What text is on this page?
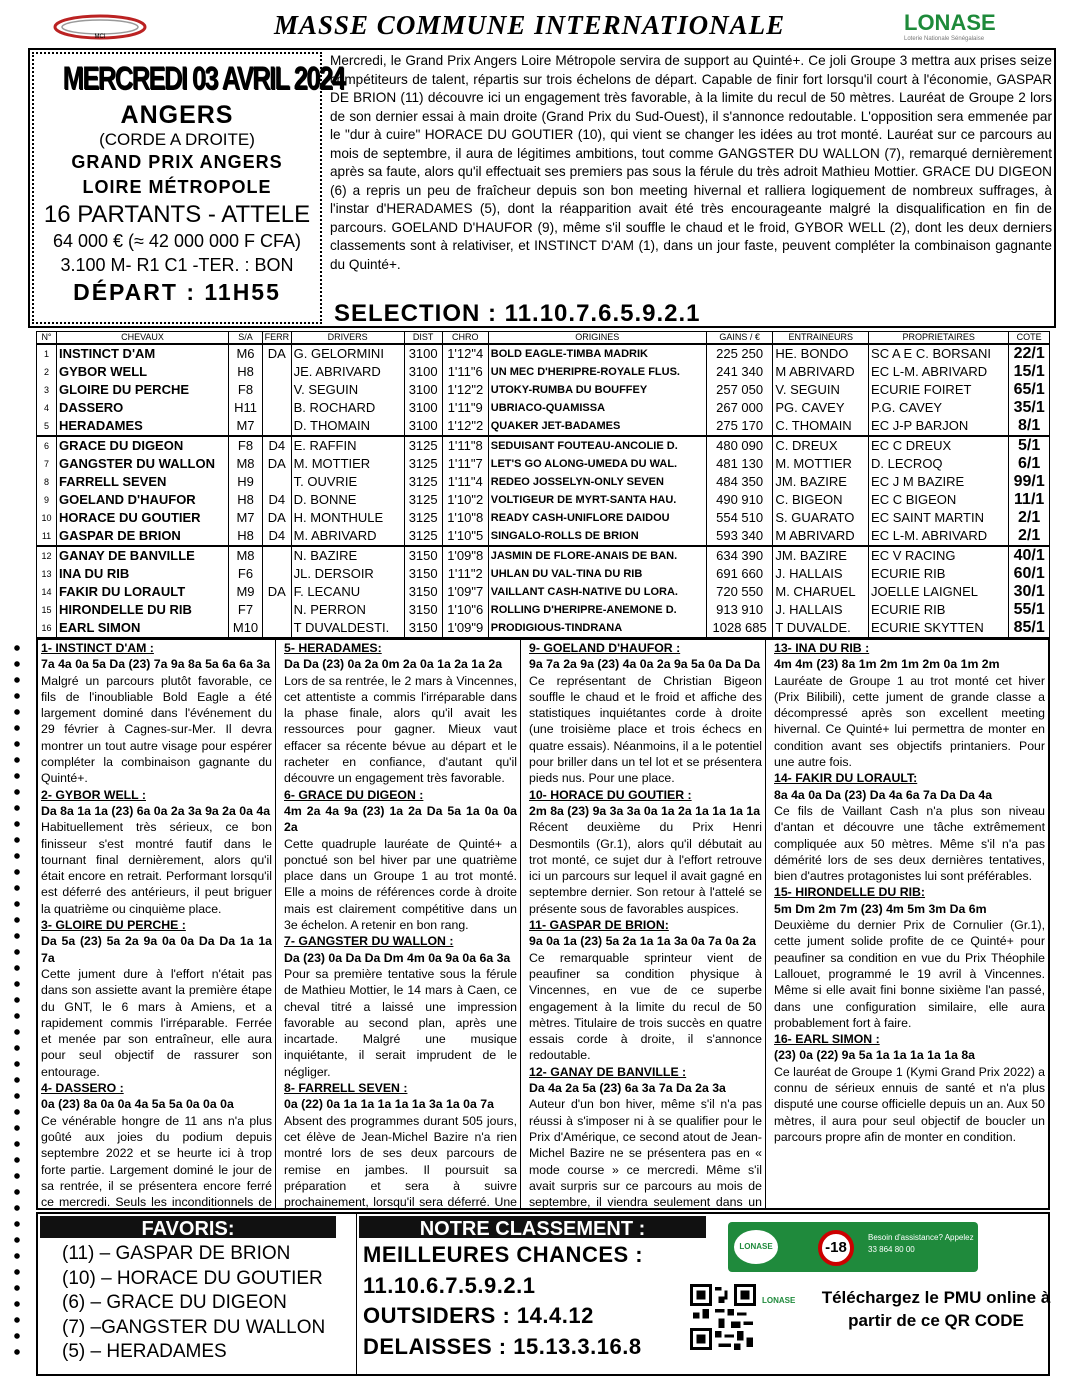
MCI	MASSE COMMUNE INTERNATIONALE	LONASE
Loterie Nationale Sénégalaise
MERCREDI 03 AVRIL 2024
ANGERS
(CORDE A DROITE)
GRAND PRIX ANGERS
LOIRE MÉTROPOLE
16 PARTANTS - ATTELE
64 000 € (≈ 42 000 000 F CFA)
3.100 M- R1 C1 -TER. : BON
DÉPART : 11H55
Mercredi, le Grand Prix Angers Loire Métropole servira de support au Quinté+. Ce joli Groupe 3 mettra aux prises seize compétiteurs de talent, répartis sur trois échelons de départ. Capable de finir fort lorsqu'il court à l'économie, GASPAR DE BRION (11) découvre ici un engagement très favorable, à la limite du recul de 50 mètres. Lauréat de Groupe 2 lors de son dernier essai à main droite (Grand Prix du Sud-Ouest), il s'annonce redoutable. L'opposition sera emmenée par le "dur à cuire" HORACE DU GOUTIER (10), qui vient se changer les idées au trot monté. Lauréat sur ce parcours au mois de septembre, il aura de légitimes ambitions, tout comme GANGSTER DU WALLON (7), remarqué dernièrement après sa faute, alors qu'il effectuait ses premiers pas sous la férule du très adroit Mathieu Mottier. GRACE DU DIGEON (6) a repris un peu de fraîcheur depuis son bon meeting hivernal et ralliera logiquement de nombreux suffrages, à l'instar d'HERADAMES (5), dont la réapparition avait été très encourageante malgré la disqualification en fin de parcours. GOELAND D'HAUFOR (9), même s'il souffle le chaud et le froid, GYBOR WELL (2), dont les deux derniers classements sont à relativiser, et INSTINCT D'AM (1), dans un jour faste, peuvent compléter la combinaison gagnante du Quinté+.
SELECTION : 11.10.7.6.5.9.2.1
N°	CHEVAUX	S/A	FERR	DRIVERS	DIST	CHRO	ORIGINES	GAINS / €	ENTRAINEURS	PROPRIETAIRES	COTE
1	INSTINCT D'AM	M6	DA	G. GELORMINI	3100	1'12"4	BOLD EAGLE-TIMBA MADRIK	225 250	HE. BONDO	SC A E C. BORSANI	22/1
2	GYBOR WELL	H8		JE. ABRIVARD	3100	1'11"6	UN MEC D'HERIPRE-ROYALE FLUS.	241 340	M ABRIVARD	EC L-M. ABRIVARD	15/1
3	GLOIRE DU PERCHE	F8		V. SEGUIN	3100	1'12"2	UTOKY-RUMBA DU BOUFFEY	257 050	V. SEGUIN	ECURIE FOIRET	65/1
4	DASSERO	H11		B. ROCHARD	3100	1'11"9	UBRIACO-QUAMISSA	267 000	PG. CAVEY	P.G. CAVEY	35/1
5	HERADAMES	M7		D. THOMAIN	3100	1'12"2	QUAKER JET-BADAMES	275 170	C. THOMAIN	EC J-P BARJON	8/1
6	GRACE DU DIGEON	F8	D4	E. RAFFIN	3125	1'11"8	SEDUISANT FOUTEAU-ANCOLIE D.	480 090	C. DREUX	EC C DREUX	5/1
7	GANGSTER DU WALLON	M8	DA	M. MOTTIER	3125	1'11"7	LET'S GO ALONG-UMEDA DU WAL.	481 130	M. MOTTIER	D. LECROQ	6/1
8	FARRELL SEVEN	H9		T. OUVRIE	3125	1'11"4	REDEO JOSSELYN-ONLY SEVEN	484 350	JM. BAZIRE	EC J M BAZIRE	99/1
9	GOELAND D'HAUFOR	H8	D4	D. BONNE	3125	1'10"2	VOLTIGEUR DE MYRT-SANTA HAU.	490 910	C. BIGEON	EC C BIGEON	11/1
10	HORACE DU GOUTIER	M7	DA	H. MONTHULE	3125	1'10"8	READY CASH-UNIFLORE DAIDOU	554 510	S. GUARATO	EC SAINT MARTIN	2/1
11	GASPAR DE BRION	H8	D4	M. ABRIVARD	3125	1'10"5	SINGALO-ROLLS DE BRION	593 340	M ABRIVARD	EC L-M. ABRIVARD	2/1
12	GANAY DE BANVILLE	M8		N. BAZIRE	3150	1'09"8	JASMIN DE FLORE-ANAIS DE BAN.	634 390	JM. BAZIRE	EC V RACING	40/1
13	INA DU RIB	F6		JL. DERSOIR	3150	1'11"2	UHLAN DU VAL-TINA DU RIB	691 660	J. HALLAIS	ECURIE RIB	60/1
14	FAKIR DU LORAULT	M9	DA	F. LECANU	3150	1'09"7	VAILLANT CASH-NATIVE DU LORA.	720 550	M. CHARUEL	JOELLE LAIGNEL	30/1
15	HIRONDELLE DU RIB	F7		N. PERRON	3150	1'10"6	ROLLING D'HERIPRE-ANEMONE D.	913 910	J. HALLAIS	ECURIE RIB	55/1
16	EARL SIMON	M10		T DUVALDESTI.	3150	1'09"9	PRODIGIOUS-TINDRANA	1028 685	T DUVALDE.	ECURIE SKYTTEN	85/1
1- INSTINCT D'AM :
7a 4a 0a 5a Da (23) 7a 9a 8a 5a 6a 6a 3a
Malgré un parcours plutôt favorable, ce fils de l'inoubliable Bold Eagle a été largement dominé dans l'événement du 29 février à Cagnes-sur-Mer. Il devra montrer un tout autre visage pour espérer compléter la combinaison gagnante du Quinté+.
2- GYBOR WELL :
Da 8a 1a 1a (23) 6a 0a 2a 3a 9a 2a 0a 4a
Habituellement très sérieux, ce bon finisseur s'est montré fautif dans le tournant final dernièrement, alors qu'il était encore en retrait. Performant lorsqu'il est déferré des antérieurs, il peut briguer la quatrième ou cinquième place.
3- GLOIRE DU PERCHE :
Da 5a (23) 5a 2a 9a 0a 0a Da Da 1a 1a 7a
Cette jument dure à l'effort n'était pas dans son assiette avant la première étape du GNT, le 6 mars à Amiens, et a rapidement commis l'irréparable. Ferrée et menée par son entraîneur, elle aura pour seul objectif de rassurer son entourage.
4- DASSERO :
0a (23) 8a 0a 0a 4a 5a 5a 0a 0a 0a
Ce vénérable hongre de 11 ans n'a plus goûté aux joies du podium depuis septembre 2022 et se heurte ici à trop forte partie. Largement dominé le jour de sa rentrée, il se présentera encore ferré ce mercredi. Seuls les inconditionnels de
5- HERADAMES:
Da Da (23) 0a 2a 0m 2a 0a 1a 2a 1a 2a
Lors de sa rentrée, le 2 mars à Vincennes, cet attentiste a commis l'irréparable dans la phase finale, alors qu'il avait les ressources pour gagner. Mieux vaut effacer sa récente bévue au départ et le racheter en confiance, d'autant qu'il découvre un engagement très favorable.
6- GRACE DU DIGEON :
4m 2a 4a 9a (23) 1a 2a Da 5a 1a 0a 0a 2a
Cette quadruple lauréate de Quinté+ a ponctué son bel hiver par une quatrième place dans un Groupe 1 au trot monté. Elle a moins de références corde à droite mais est clairement compétitive dans un 3e échelon. A retenir en bon rang.
7- GANGSTER DU WALLON :
Da (23) 0a Da Da Dm 4m 0a 9a 0a 6a 3a
Pour sa première tentative sous la férule de Mathieu Mottier, le 14 mars à Caen, ce cheval titré a laissé une impression favorable au second plan, après une incartade. Malgré une musique inquiétante, il serait imprudent de le négliger.
8- FARRELL SEVEN :
0a (22) 0a 1a 1a 1a 1a 1a 3a 1a 0a 7a
Absent des programmes durant 505 jours, cet élève de Jean-Michel Bazire n'a rien montré lors de ses deux parcours de remise en jambes. Il poursuit sa préparation et sera à suivre prochainement, lorsqu'il sera déferré. Une
9- GOELAND D'HAUFOR :
9a 7a 2a 9a (23) 4a 0a 2a 9a 5a 0a Da Da
Ce représentant de Christian Bigeon souffle le chaud et le froid et affiche des statistiques inquiétantes corde à droite (une troisième place et trois échecs en quatre essais). Néanmoins, il a le potentiel pour briller dans un tel lot et se présentera pieds nus. Pour une place.
10- HORACE DU GOUTIER :
2m 8a (23) 9a 3a 3a 0a 1a 2a 1a 1a 1a 1a
Récent deuxième du Prix Henri Desmontils (Gr.1), alors qu'il débutait au trot monté, ce sujet dur à l'effort retrouve ici un parcours sur lequel il avait gagné en septembre dernier. Son retour à l'attelé se présente sous de favorables auspices.
11- GASPAR DE BRION:
9a 0a 1a (23) 5a 2a 1a 1a 3a 0a 7a 0a 2a
Ce remarquable sprinteur vient de peaufiner sa condition physique à Vincennes, en vue de ce superbe engagement à la limite du recul de 50 mètres. Titulaire de trois succès en quatre essais corde à droite, il s'annonce redoutable.
12- GANAY DE BANVILLE :
Da 4a 2a 5a (23) 6a 3a 7a Da 2a 3a
Auteur d'un bon hiver, même s'il n'a pas réussi à s'imposer ni à se qualifier pour le Prix d'Amérique, ce second atout de Jean-Michel Bazire ne se présentera pas en « mode course » ce mercredi. Même s'il avait surpris sur ce parcours au mois de septembre, il viendra seulement dans un
13- INA DU RIB :
4m 4m (23) 8a 1m 2m 1m 2m 0a 1m 2m
Lauréate de Groupe 1 au trot monté cet hiver (Prix Bilibili), cette jument de grande classe a décompressé après son excellent meeting hivernal. Ce Quinté+ lui permettra de monter en condition avant ses objectifs printaniers. Pour une autre fois.
14- FAKIR DU LORAULT:
8a 4a 0a Da (23) Da 4a 6a 7a Da Da 4a
Ce fils de Vaillant Cash n'a plus son niveau d'antan et découvre une tâche extrêmement compliquée aux 50 mètres. Même s'il n'a pas démérité lors de ses deux dernières tentatives, bien d'autres protagonistes lui sont préférables.
15- HIRONDELLE DU RIB:
5m Dm 2m 7m (23) 4m 5m 3m Da 6m
Deuxième du dernier Prix de Cornulier (Gr.1), cette jument solide profite de ce Quinté+ pour peaufiner sa condition en vue du Prix Théophile Lallouet, programmé le 19 avril à Vincennes. Même si elle avait fini bonne sixième l'an passé, dans une configuration similaire, elle aura probablement fort à faire.
16- EARL SIMON :
(23) 0a (22) 9a 5a 1a 1a 1a 1a 1a 8a
Ce lauréat de Groupe 1 (Kymi Grand Prix 2022) a connu de sérieux ennuis de santé et n'a plus disputé une course officielle depuis un an. Aux 50 mètres, il aura pour seul objectif de boucler un parcours propre afin de monter en condition.
FAVORIS:
(11) – GASPAR DE BRION
(10) – HORACE DU GOUTIER
(6) – GRACE DU DIGEON
(7) –GANGSTER DU WALLON
(5) – HERADAMES
NOTRE CLASSEMENT :
MEILLEURES CHANCES :
11.10.6.7.5.9.2.1
OUTSIDERS : 14.4.12
DELAISSES : 15.13.3.16.8
LONASE	-18
Besoin d'assistance? Appelez
33 864 80 00
LONASE Téléchargez le PMU online à partir de ce QR CODE
